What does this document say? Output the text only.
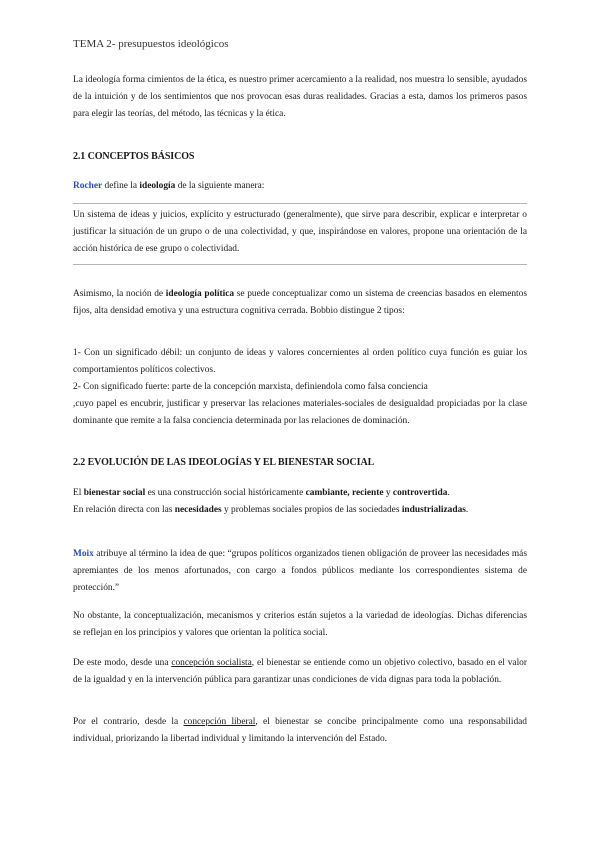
TEMA 2- presupuestos ideológicos

La ideología forma cimientos de la ética, es nuestro primer acercamiento a la realidad, nos muestra lo sensible, ayudados de la intuición y de los sentimientos que nos provocan esas duras realidades. Gracias a esta, damos los primeros pasos para elegir las teorías, del método, las técnicas y la ética.

2.1 CONCEPTOS BÁSICOS

Rocher define la ideología de la siguiente manera:

Un sistema de ideas y juicios, explícito y estructurado (generalmente), que sirve para describir, explicar e interpretar o justificar la situación de un grupo o de una colectividad, y que, inspirándose en valores, propone una orientación de la acción histórica de ese grupo o colectividad.

Asimismo, la noción de ideología política se puede conceptualizar como un sistema de creencias basados en elementos fijos, alta densidad emotiva y una estructura cognitiva cerrada. Bobbio distingue 2 tipos:

1- Con un significado débil: un conjunto de ideas y valores concernientes al orden político cuya función es guiar los comportamientos políticos colectivos.

2- Con significado fuerte: parte de la concepción marxista, definiendola como falsa conciencia

,cuyo papel es encubrir, justificar y preservar las relaciones materiales-sociales de desigualdad propiciadas por la clase dominante que remite a la falsa conciencia determinada por las relaciones de dominación.

2.2 EVOLUCIÓN DE LAS IDEOLOGÍAS Y EL BIENESTAR SOCIAL

El bienestar social es una construcción social históricamente cambiante, reciente y controvertida.

En relación directa con las necesidades y problemas sociales propios de las sociedades industrializadas.

Moix atribuye al término la idea de que: “grupos políticos organizados tienen obligación de proveer las necesidades más apremiantes de los menos afortunados, con cargo a fondos públicos mediante los correspondientes sistema de protección.”

No obstante, la conceptualización, mecanismos y criterios están sujetos a la variedad de ideologías. Dichas diferencias se reflejan en los principios y valores que orientan la política social.

De este modo, desde una concepción socialista, el bienestar se entiende como un objetivo colectivo, basado en el valor de la igualdad y en la intervención pública para garantizar unas condiciones de vida dignas para toda la población.

Por el contrario, desde la concepción liberal, el bienestar se concibe principalmente como una responsabilidad individual, priorizando la libertad individual y limitando la intervención del Estado.
